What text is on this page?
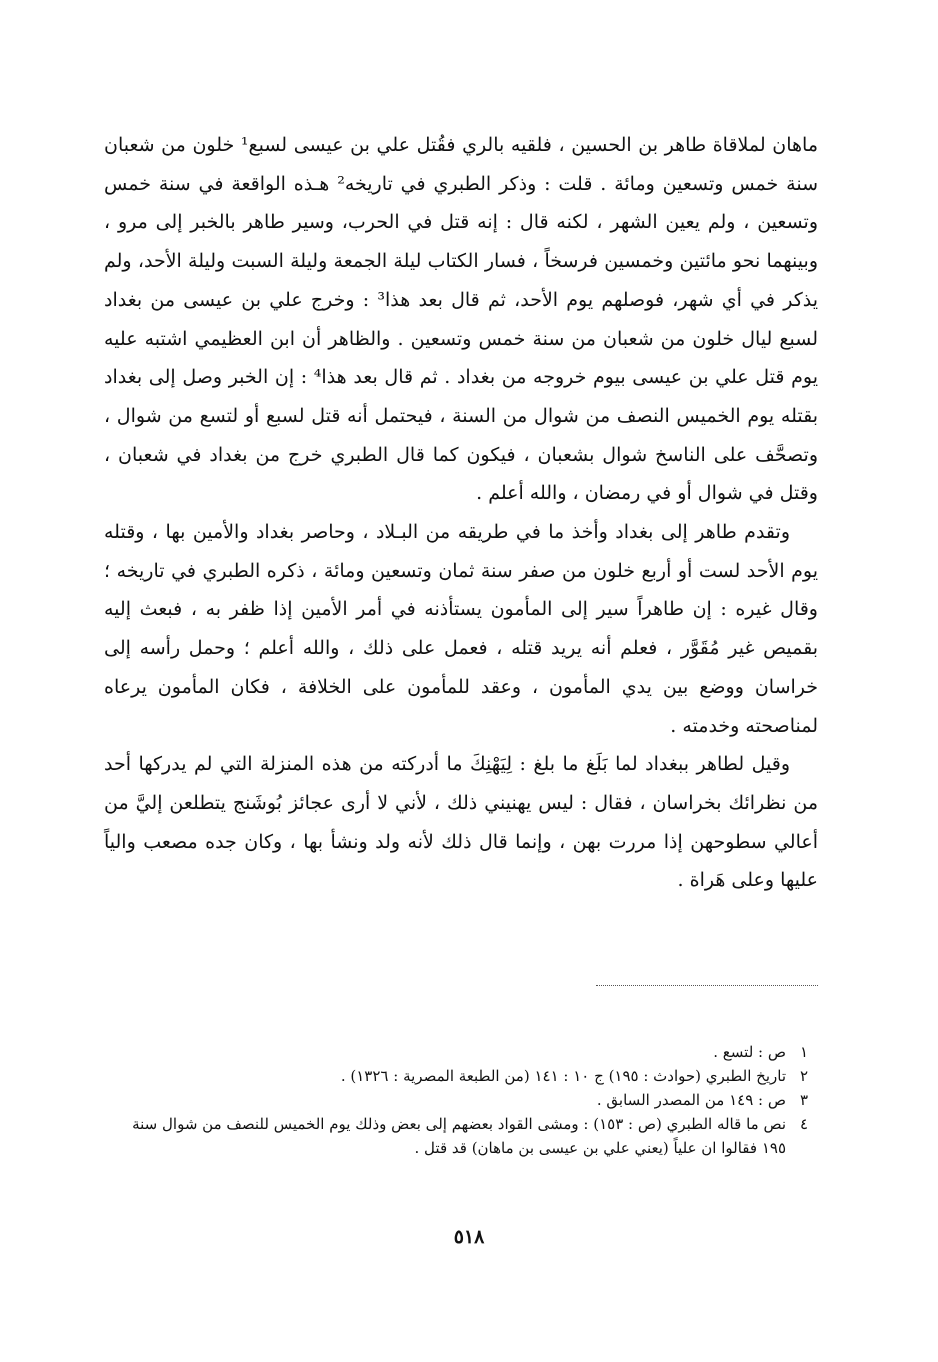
ماهان لملاقاة طاهر بن الحسين ، فلقيه بالري فقُتل علي بن عيسى لسبع¹ خلون من شعبان سنة خمس وتسعين ومائة . قلت : وذكر الطبري في تاريخه² هـذه الواقعة في سنة خمس وتسعين ، ولم يعين الشهر ، لكنه قال : إنه قتل في الحرب، وسير طاهر بالخبر إلى مرو ، وبينهما نحو مائتين وخمسين فرسخاً ، فسار الكتاب ليلة الجمعة وليلة السبت وليلة الأحد، ولم يذكر في أي شهر، فوصلهم يوم الأحد، ثم قال بعد هذا³ : وخرج علي بن عيسى من بغداد لسبع ليال خلون من شعبان من سنة خمس وتسعين . والظاهر أن ابن العظيمي اشتبه عليه يوم قتل علي بن عيسى بيوم خروجه من بغداد . ثم قال بعد هذا⁴ : إن الخبر وصل إلى بغداد بقتله يوم الخميس النصف من شوال من السنة ، فيحتمل أنه قتل لسبع أو لتسع من شوال ، وتصحَّف على الناسخ شوال بشعبان ، فيكون كما قال الطبري خرج من بغداد في شعبان ، وقتل في شوال أو في رمضان ، والله أعلم .

وتقدم طاهر إلى بغداد وأخذ ما في طريقه من البـلاد ، وحاصر بغداد والأمين بها ، وقتله يوم الأحد لست أو أربع خلون من صفر سنة ثمان وتسعين ومائة ، ذكره الطبري في تاريخه ؛ وقال غيره : إن طاهراً سير إلى المأمون يستأذنه في أمر الأمين إذا ظفر به ، فبعث إليه بقميص غير مُقَوَّر ، فعلم أنه يريد قتله ، فعمل على ذلك ، والله أعلم ؛ وحمل رأسه إلى خراسان ووضع بين يدي المأمون ، وعقد للمأمون على الخلافة ، فكان المأمون يرعاه لمناصحته وخدمته .

وقيل لطاهر ببغداد لما بَلَغ ما بلغ : لِيَهْنِكَ ما أدركته من هذه المنزلة التي لم يدركها أحد من نظرائك بخراسان ، فقال : ليس يهنيني ذلك ، لأني لا أرى عجائز بُوشَنج يتطلعن إليَّ من أعالي سطوحهن إذا مررت بهن ، وإنما قال ذلك لأنه ولد ونشأ بها ، وكان جده مصعب والياً عليها وعلى هَراة .

١
ص : لتسع .
٢
تاريخ الطبري (حوادث : ١٩٥) ج ١٠ : ١٤١ (من الطبعة المصرية : ١٣٢٦) .
٣
ص : ١٤٩ من المصدر السابق .
٤
نص ما قاله الطبري (ص : ١٥٣) : ومشى القواد بعضهم إلى بعض وذلك يوم الخميس للنصف من شوال سنة ١٩٥ فقالوا ان علياً (يعني علي بن عيسى بن ماهان) قد قتل .
٥١٨
